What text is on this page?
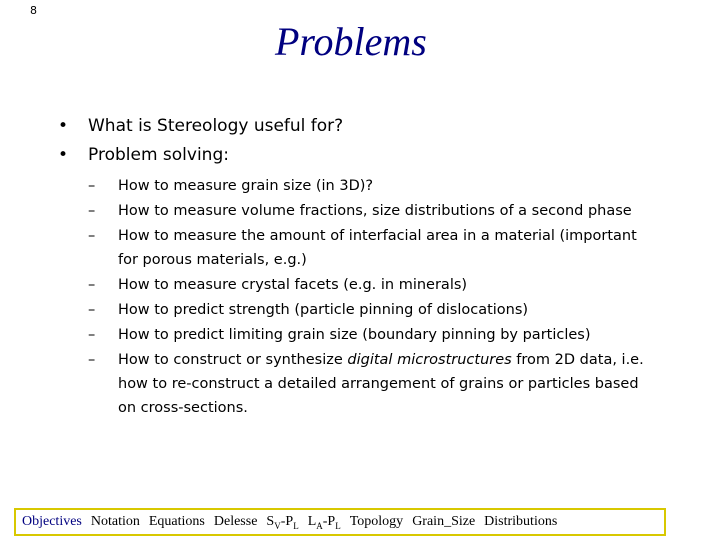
8
Problems
• What is Stereology useful for?
• Problem solving:
– How to measure grain size (in 3D)?
– How to measure volume fractions, size distributions of a second phase
– How to measure the amount of interfacial area in a material (important for porous materials, e.g.)
– How to measure crystal facets (e.g. in minerals)
– How to predict strength (particle pinning of dislocations)
– How to predict limiting grain size (boundary pinning by particles)
– How to construct or synthesize digital microstructures from 2D data, i.e. how to re-construct a detailed arrangement of grains or particles based on cross-sections.
Objectives Notation Equations Delesse $S_V-P_L$ $L_A-P_L$ Topology Grain_Size Distributions
